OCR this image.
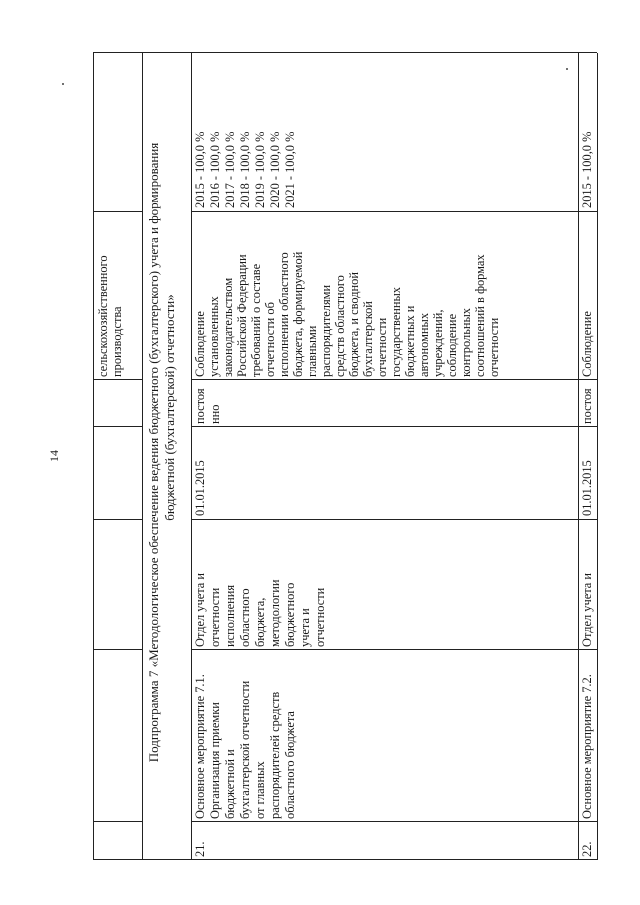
14
сельскохозяйственного производства Подпрограмма 7 «Методологическое обеспечение ведения бюджетного (бухгалтерского) учета и формирования бюджетной (бухгалтерской) отчетности»
21.
Основное мероприятие 7.1. Организация приемки бюджетной и бухгалтерской отчетности от главных распорядителей средств областного бюджета
Отдел учета и отчетности исполнения областного бюджета, методологии бюджетного учета и отчетности
01.01.2015
постоя нно
Соблюдение установленных законодательством Российской Федерации требований о составе отчетности об исполнении областного бюджета, формируемой главными распорядителями средств областного бюджета, и сводной бухгалтерской отчетности государственных бюджетных и автономных учреждений, соблюдение контрольных соотношений в формах отчетности
2015 - 100,0 % 2016 - 100,0 % 2017 - 100,0 % 2018 - 100,0 % 2019 - 100,0 % 2020 - 100,0 % 2021 - 100,0 %
22.
Основное мероприятие 7.2.
Отдел учета и
01.01.2015
постоя
Соблюдение
2015 - 100,0 %
